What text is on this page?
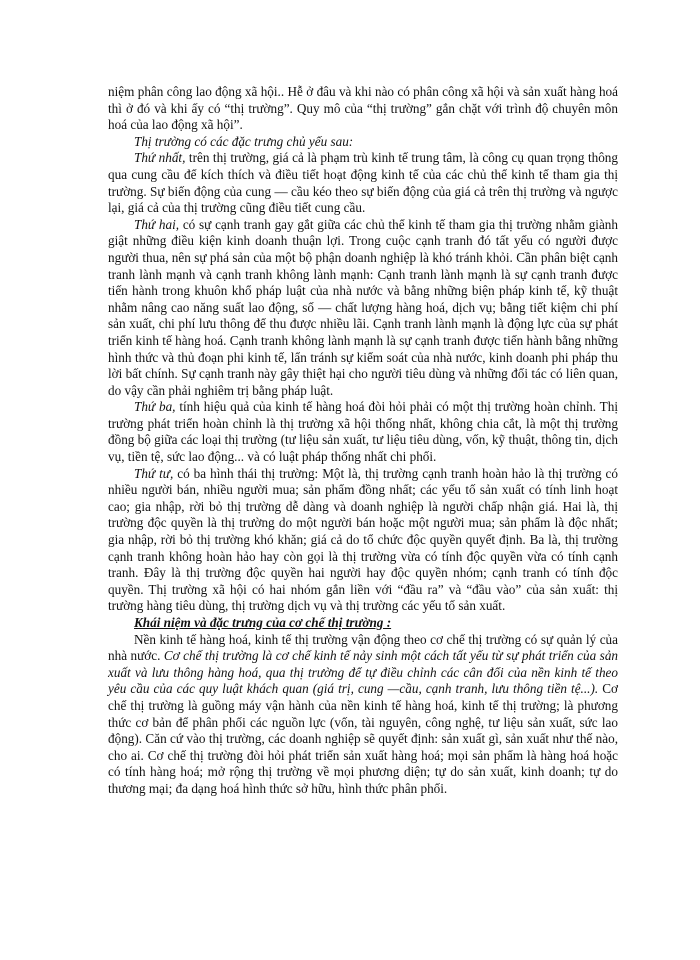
niệm phân công lao động xã hội.. Hễ ở đâu và khi nào có phân công xã hội và sản xuất hàng hoá thì ở đó và khi ấy có “thị trường”. Quy mô của “thị trường” gắn chặt với trình độ chuyên môn hoá của lao động xã hội”.

Thị trường có các đặc trưng chủ yếu sau:

Thứ nhất, trên thị trường, giá cả là phạm trù kinh tế trung tâm, là công cụ quan trọng thông qua cung cầu để kích thích và điều tiết hoạt động kinh tế của các chủ thể kinh tế tham gia thị trường. Sự biến động của cung — cầu kéo theo sự biến động của giá cả trên thị trường và ngược lại, giá cả của thị trường cũng điều tiết cung cầu.

Thứ hai, có sự cạnh tranh gay gắt giữa các chủ thể kinh tế tham gia thị trường nhằm giành giật những điều kiện kinh doanh thuận lợi. Trong cuộc cạnh tranh đó tất yếu có người được người thua, nên sự phá sản của một bộ phận doanh nghiệp là khó tránh khỏi. Cần phân biệt cạnh tranh lành mạnh và cạnh tranh không lành mạnh: Cạnh tranh lành mạnh là sự cạnh tranh được tiến hành trong khuôn khổ pháp luật của nhà nước và bằng những biện pháp kinh tế, kỹ thuật nhằm nâng cao năng suất lao động, số — chất lượng hàng hoá, dịch vụ; bằng tiết kiệm chi phí sản xuất, chi phí lưu thông để thu được nhiều lãi. Cạnh tranh lành mạnh là động lực của sự phát triển kinh tế hàng hoá. Cạnh tranh không lành mạnh là sự cạnh tranh được tiến hành bằng những hình thức và thủ đoạn phi kinh tế, lẩn tránh sự kiểm soát của nhà nước, kinh doanh phi pháp thu lời bất chính. Sự cạnh tranh này gây thiệt hại cho người tiêu dùng và những đối tác có liên quan, do vậy cần phải nghiêm trị bằng pháp luật.

Thứ ba, tính hiệu quả của kinh tế hàng hoá đòi hỏi phải có một thị trường hoàn chỉnh. Thị trường phát triển hoàn chỉnh là thị trường xã hội thống nhất, không chia cắt, là một thị trường đồng bộ giữa các loại thị trường (tư liệu sản xuất, tư liệu tiêu dùng, vốn, kỹ thuật, thông tin, dịch vụ, tiền tệ, sức lao động... và có luật pháp thống nhất chi phối.

Thứ tư, có ba hình thái thị trường: Một là, thị trường cạnh tranh hoàn hảo là thị trường có nhiều người bán, nhiều người mua; sản phẩm đồng nhất; các yếu tố sản xuất có tính linh hoạt cao; gia nhập, rời bỏ thị trường dễ dàng và doanh nghiệp là người chấp nhận giá. Hai là, thị trường độc quyền là thị trường do một người bán hoặc một người mua; sản phẩm là độc nhất; gia nhập, rời bỏ thị trường khó khăn; giá cả do tổ chức độc quyền quyết định. Ba là, thị trường cạnh tranh không hoàn hảo hay còn gọi là thị trường vừa có tính độc quyền vừa có tính cạnh tranh. Đây là thị trường độc quyền hai người hay độc quyền nhóm; cạnh tranh có tính độc quyền. Thị trường xã hội có hai nhóm gắn liền với “đầu ra” và “đầu vào” của sản xuất: thị trường hàng tiêu dùng, thị trường dịch vụ và thị trường các yếu tố sản xuất.

Khái niệm và đặc trưng của cơ chế thị trường :

Nền kinh tế hàng hoá, kinh tế thị trường vận động theo cơ chế thị trường có sự quản lý của nhà nước. Cơ chế thị trường là cơ chế kinh tế nảy sinh một cách tất yếu từ sự phát triển của sản xuất và lưu thông hàng hoá, qua thị trường để tự điều chỉnh các cân đối của nền kinh tế theo yêu cầu của các quy luật khách quan (giá trị, cung —cầu, cạnh tranh, lưu thông tiền tệ...). Cơ chế thị trường là guồng máy vận hành của nền kinh tế hàng hoá, kinh tế thị trường; là phương thức cơ bản để phân phối các nguồn lực (vốn, tài nguyên, công nghệ, tư liệu sản xuất, sức lao động). Căn cứ vào thị trường, các doanh nghiệp sẽ quyết định: sản xuất gì, sản xuất như thế nào, cho ai. Cơ chế thị trường đòi hỏi phát triển sản xuất hàng hoá; mọi sản phẩm là hàng hoá hoặc có tính hàng hoá; mở rộng thị trường về mọi phương diện; tự do sản xuất, kinh doanh; tự do thương mại; đa dạng hoá hình thức sở hữu, hình thức phân phối.
